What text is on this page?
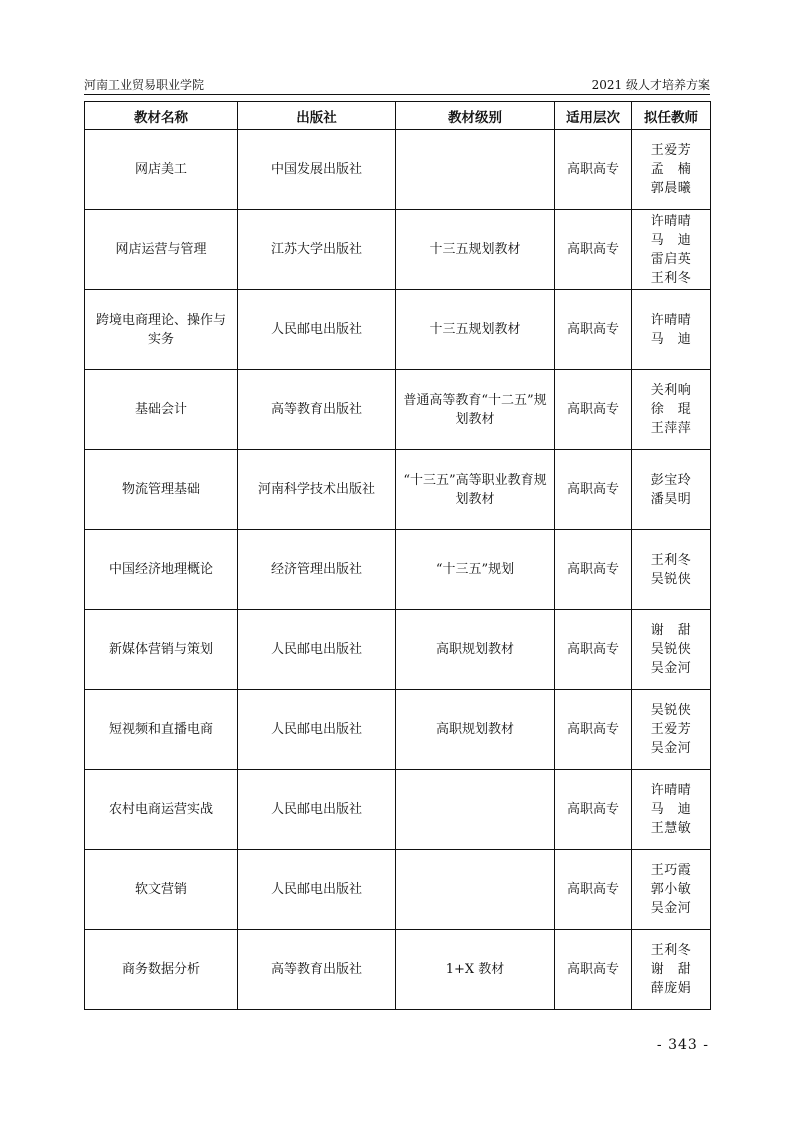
河南工业贸易职业学院	2021 级人才培养方案
教材名称	出版社	教材级别	适用层次	拟任教师
网店美工	中国发展出版社		高职高专	王爱芳
孟　楠
郭晨曦

网店运营与管理	江苏大学出版社	十三五规划教材	高职高专	许晴晴
马　迪
雷启英
王利冬

跨境电商理论、操作与实务	人民邮电出版社	十三五规划教材	高职高专	许晴晴
马　迪

基础会计	高等教育出版社	普通高等教育“十二五”规划教材	高职高专	关利响
徐　琨
王萍萍

物流管理基础	河南科学技术出版社	“十三五”高等职业教育规划教材	高职高专	彭宝玲
潘昊明

中国经济地理概论	经济管理出版社	“十三五”规划	高职高专	王利冬
吴锐侠

新媒体营销与策划	人民邮电出版社	高职规划教材	高职高专	谢　甜
吴锐侠
吴金河

短视频和直播电商	人民邮电出版社	高职规划教材	高职高专	吴锐侠
王爱芳
吴金河

农村电商运营实战	人民邮电出版社		高职高专	许晴晴
马　迪
王慧敏

软文营销	人民邮电出版社		高职高专	王巧霞
郭小敏
吴金河

商务数据分析	高等教育出版社	1+X 教材	高职高专	王利冬
谢　甜
薛庞娟
- 343 -
